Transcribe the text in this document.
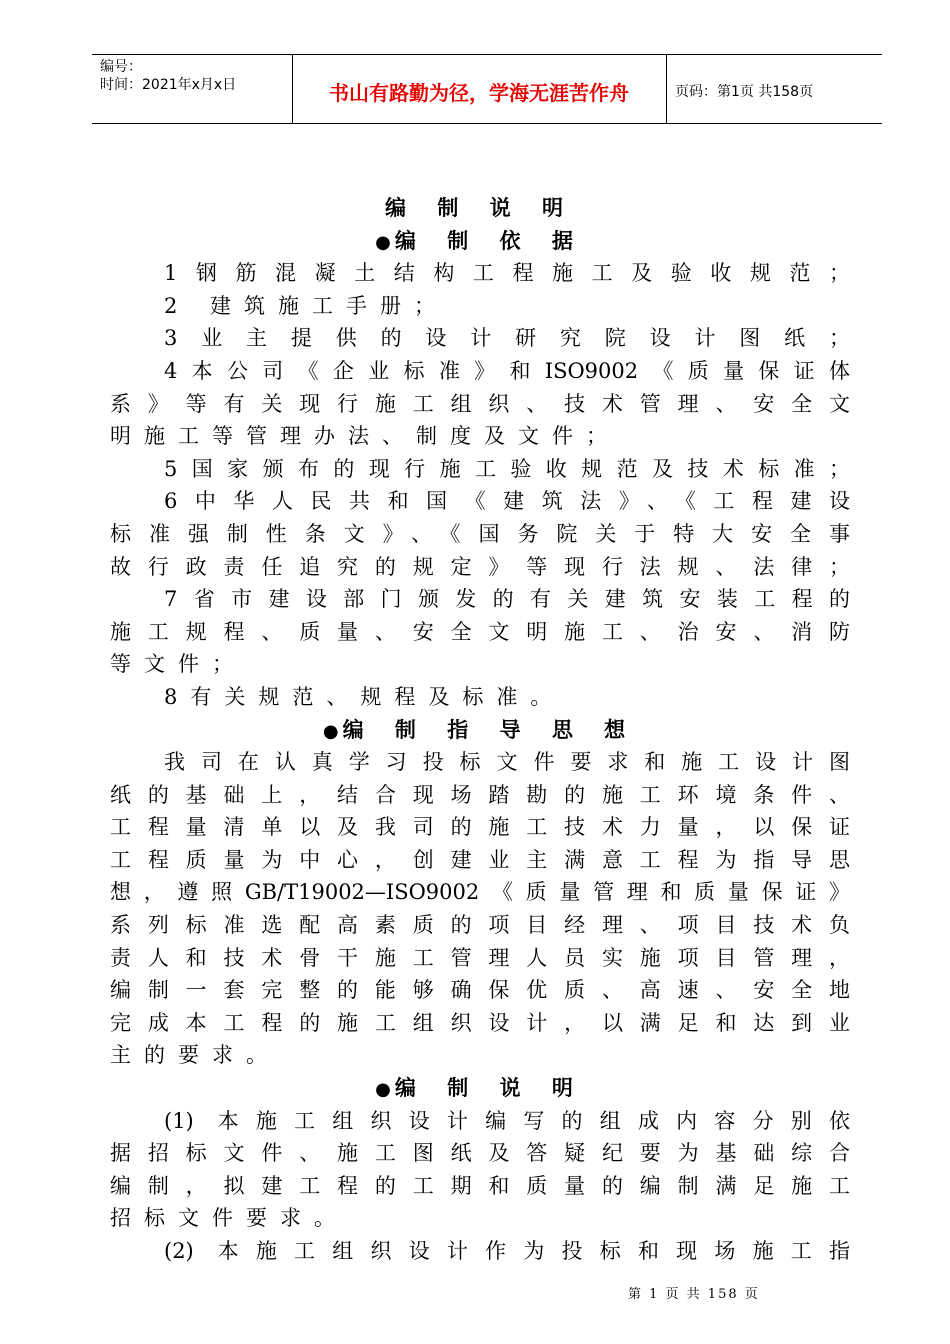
编号：
时间：2021年x月x日	书山有路勤为径，学海无涯苦作舟	页码：第1页 共158页
编 制 说 明
● 编 制 依 据
1钢筋混凝土结构工程施工及验收规范；
2 建筑施工手册；
3业主提供的设计研究院设计图纸；
4本公司《企业标准》和ISO9002《质量保证体
系》等有关现行施工组织、技术管理、安全文
明施工等管理办法、制度及文件；
5国家颁布的现行施工验收规范及技术标准；
6中华人民共和国《建筑法》、《工程建设
标准强制性条文》、《国务院关于特大安全事
故行政责任追究的规定》等现行法规、法律；
7省市建设部门颁发的有关建筑安装工程的
施工规程、质量、安全文明施工、治安、消防
等文件；
8有关规范、规程及标准。
● 编 制 指 导 思 想
我司在认真学习投标文件要求和施工设计图
纸的基础上，结合现场踏勘的施工环境条件、
工程量清单以及我司的施工技术力量，以保证
工程质量为中心，创建业主满意工程为指导思
想，遵照GB/T19002—ISO9002《质量管理和质量保证》
系列标准选配高素质的项目经理、项目技术负
责人和技术骨干施工管理人员实施项目管理，
编制一套完整的能够确保优质、高速、安全地
完成本工程的施工组织设计，以满足和达到业
主的要求。
● 编 制 说 明
(1) 本施工组织设计编写的组成内容分别依
据招标文件、施工图纸及答疑纪要为基础综合
编制，拟建工程的工期和质量的编制满足施工
招标文件要求。
(2) 本施工组织设计作为投标和现场施工指
第 1 页 共 158 页
